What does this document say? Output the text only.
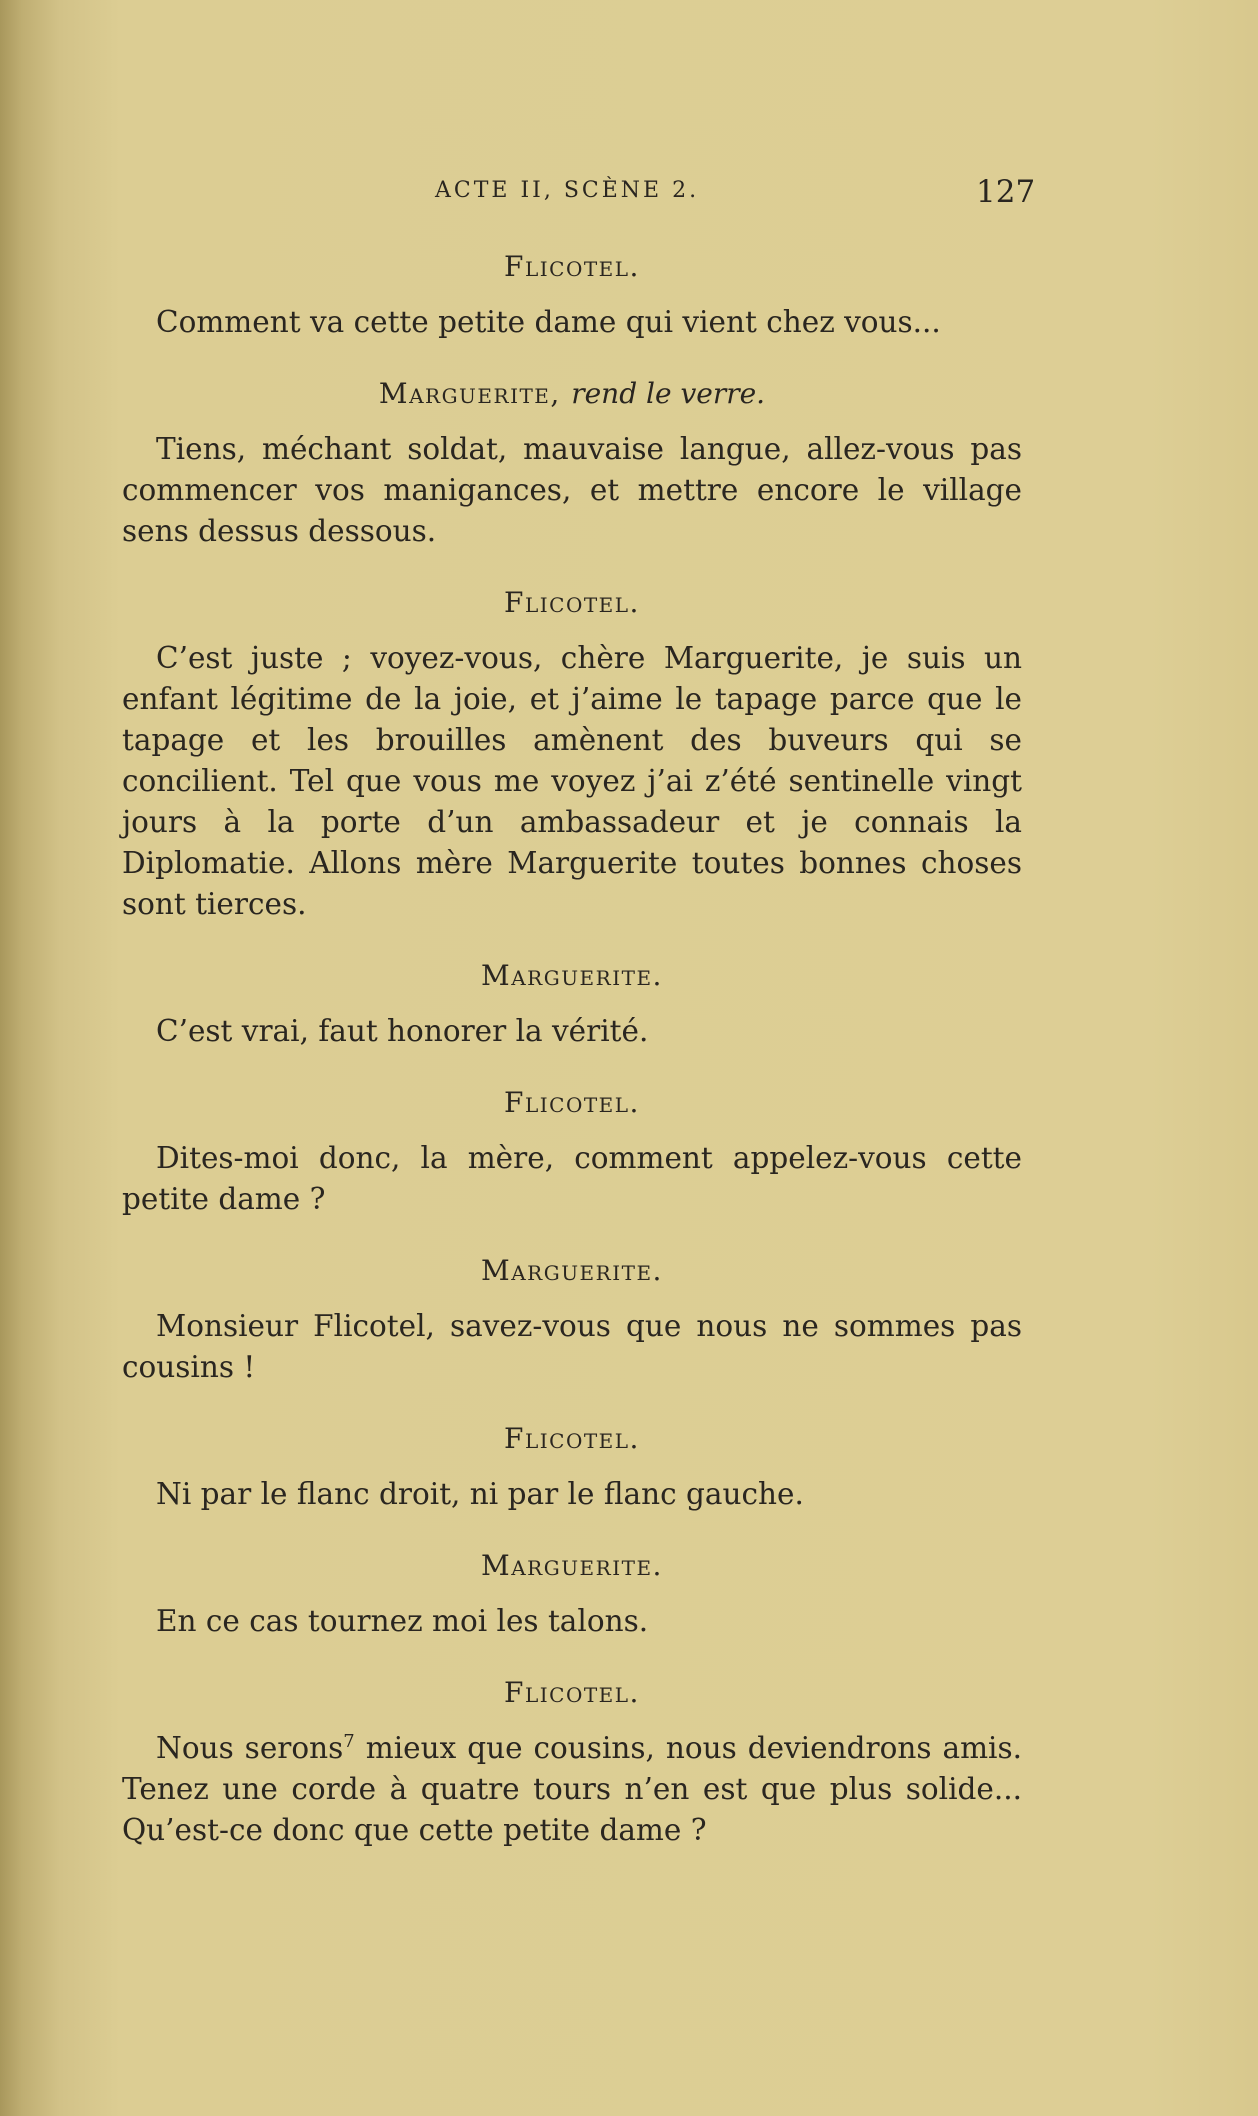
ACTE II, SCÈNE 2.	127

Flicotel.

Comment va cette petite dame qui vient chez vous...

Marguerite, rend le verre.

Tiens, méchant soldat, mauvaise langue, allez-vous pas commencer vos manigances, et mettre encore le village sens dessus dessous.

Flicotel.

C’est juste ; voyez-vous, chère Marguerite, je suis un enfant légitime de la joie, et j’aime le tapage parce que le tapage et les brouilles amènent des buveurs qui se concilient. Tel que vous me voyez j’ai z’été sentinelle vingt jours à la porte d’un ambassadeur et je connais la Diplomatie. Allons mère Marguerite toutes bonnes choses sont tierces.

Marguerite.

C’est vrai, faut honorer la vérité.

Flicotel.

Dites-moi donc, la mère, comment appelez-vous cette petite dame ?

Marguerite.

Monsieur Flicotel, savez-vous que nous ne sommes pas cousins !

Flicotel.

Ni par le flanc droit, ni par le flanc gauche.

Marguerite.

En ce cas tournez moi les talons.

Flicotel.

Nous serons$^7$ mieux que cousins, nous deviendrons amis. Tenez une corde à quatre tours n’en est que plus solide... Qu’est-ce donc que cette petite dame ?
